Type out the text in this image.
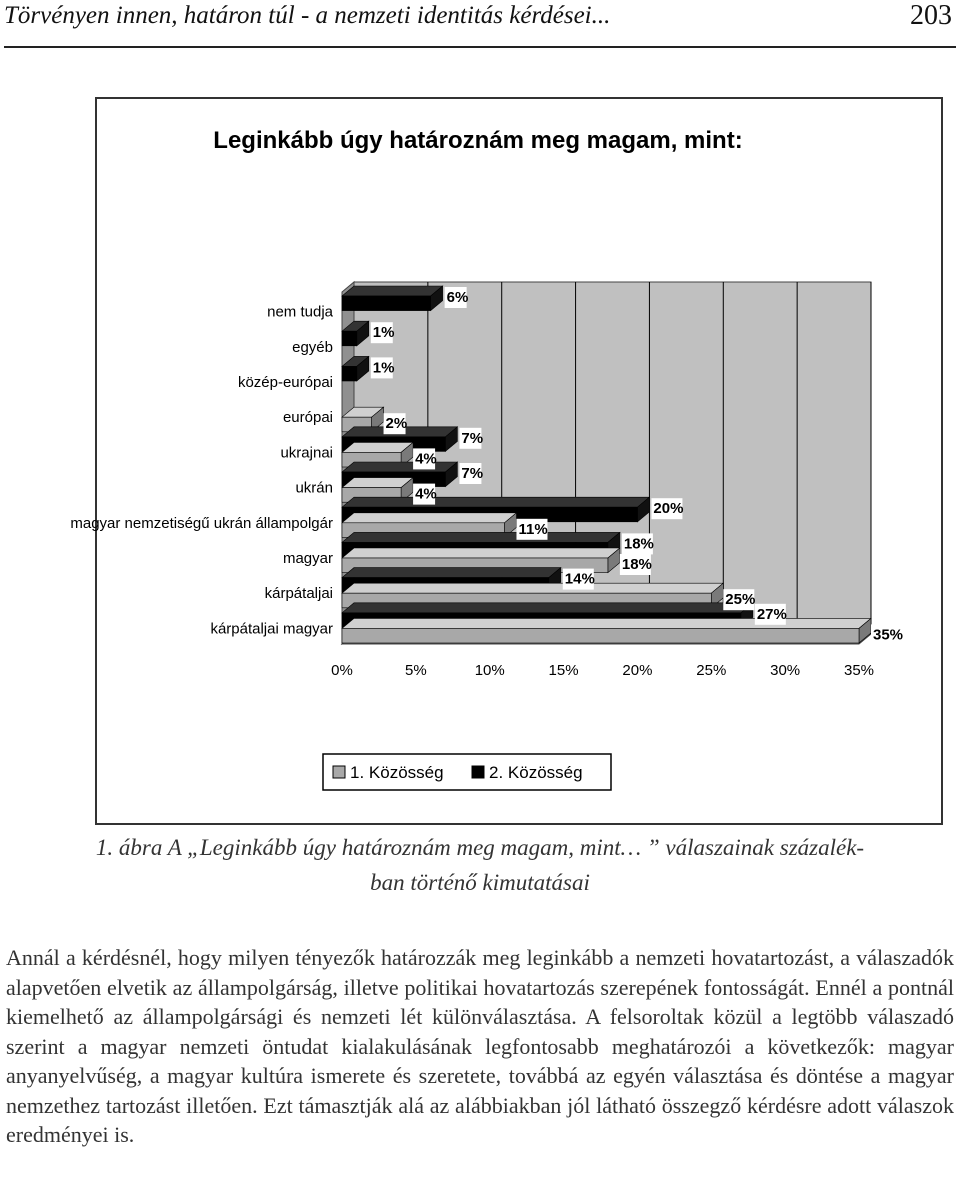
Törvényen innen, határon túl - a nemzeti identitás kérdései...	203
Leginkább úgy határoznám meg magam, mint:
0%	5%	10%	15%	20%	25%	30%	35%
nem tudja
egyéb
közép-európai
európai
ukrajnai
ukrán
magyar nemzetiségű ukrán állampolgár
magyar
kárpátaljai
kárpátaljai magyar
6%
1%
1%
2%
7%
4%
7%
4%
20%
11%
18%
18%
14%
25%
27%
35%
1. Közösség	2. Közösség
1. ábra A „Leginkább úgy határoznám meg magam, mint… ” válaszainak százalék-
ban történő kimutatásai
Annál a kérdésnél, hogy milyen tényezők határozzák meg leginkább a nemzeti hovatartozást, a válaszadók alapvetően elvetik az állampolgárság, illetve politikai hovatartozás szerepének fontosságát. Ennél a pontnál kiemelhető az állampolgársági és nemzeti lét különválasztása. A felsoroltak közül a legtöbb válaszadó szerint a magyar nemzeti öntudat kialakulásának legfontosabb meghatározói a következők: magyar anyanyelvűség, a magyar kultúra ismerete és szeretete, továbbá az egyén választása és döntése a magyar nemzethez tartozást illetően. Ezt támasztják alá az alábbiakban jól látható összegző kérdésre adott válaszok eredményei is.
